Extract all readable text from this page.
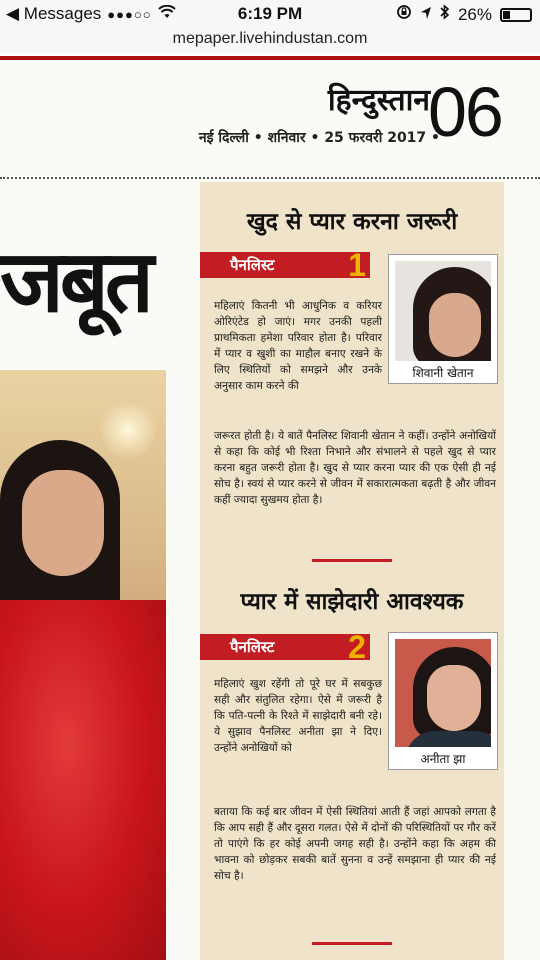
◀ Messages ●●●○○	6:19 PM	26%
mepaper.livehindustan.com
हिन्दुस्तान
नई दिल्ली • शनिवार • 25 फरवरी 2017 •
06
जबूत
खुद से प्यार करना जरूरी
पैनलिस्ट	1
शिवानी खेतान
महिलाएं कितनी भी आधुनिक व करियर ओरिएंटेड हो जाएं। मगर उनकी पहली प्राथमिकता हमेशा परिवार होता है। परिवार में प्यार व खुशी का माहौल बनाए रखने के लिए स्थितियों को समझने और उनके अनुसार काम करने की
जरूरत होती है। ये बातें पैनलिस्ट शिवानी खेतान ने कहीं। उन्होंने अनोखियों से कहा कि कोई भी रिश्ता निभाने और संभालने से पहले खुद से प्यार करना बहुत जरूरी होता है। खुद से प्यार करना प्यार की एक ऐसी ही नई सोच है। स्वयं से प्यार करने से जीवन में सकारात्मकता बढ़ती है और जीवन कहीं ज्यादा सुखमय होता है।
प्यार में साझेदारी आवश्यक
पैनलिस्ट	2
अनीता झा
महिलाएं खुश रहेंगी तो पूरे घर में सबकुछ सही और संतुलित रहेगा। ऐसे में जरूरी है कि पति-पत्नी के रिश्ते में साझेदारी बनी रहे। ये सुझाव पैनलिस्ट अनीता झा ने दिए। उन्होंने अनोखियों को
बताया कि कई बार जीवन में ऐसी स्थितियां आती हैं जहां आपको लगता है कि आप सही हैं और दूसरा गलत। ऐसे में दोनों की परिस्थितियों पर गौर करें तो पाएंगे कि हर कोई अपनी जगह सही है। उन्होंने कहा कि अहम की भावना को छोड़कर सबकी बातें सुनना व उन्हें समझाना ही प्यार की नई सोच है।
